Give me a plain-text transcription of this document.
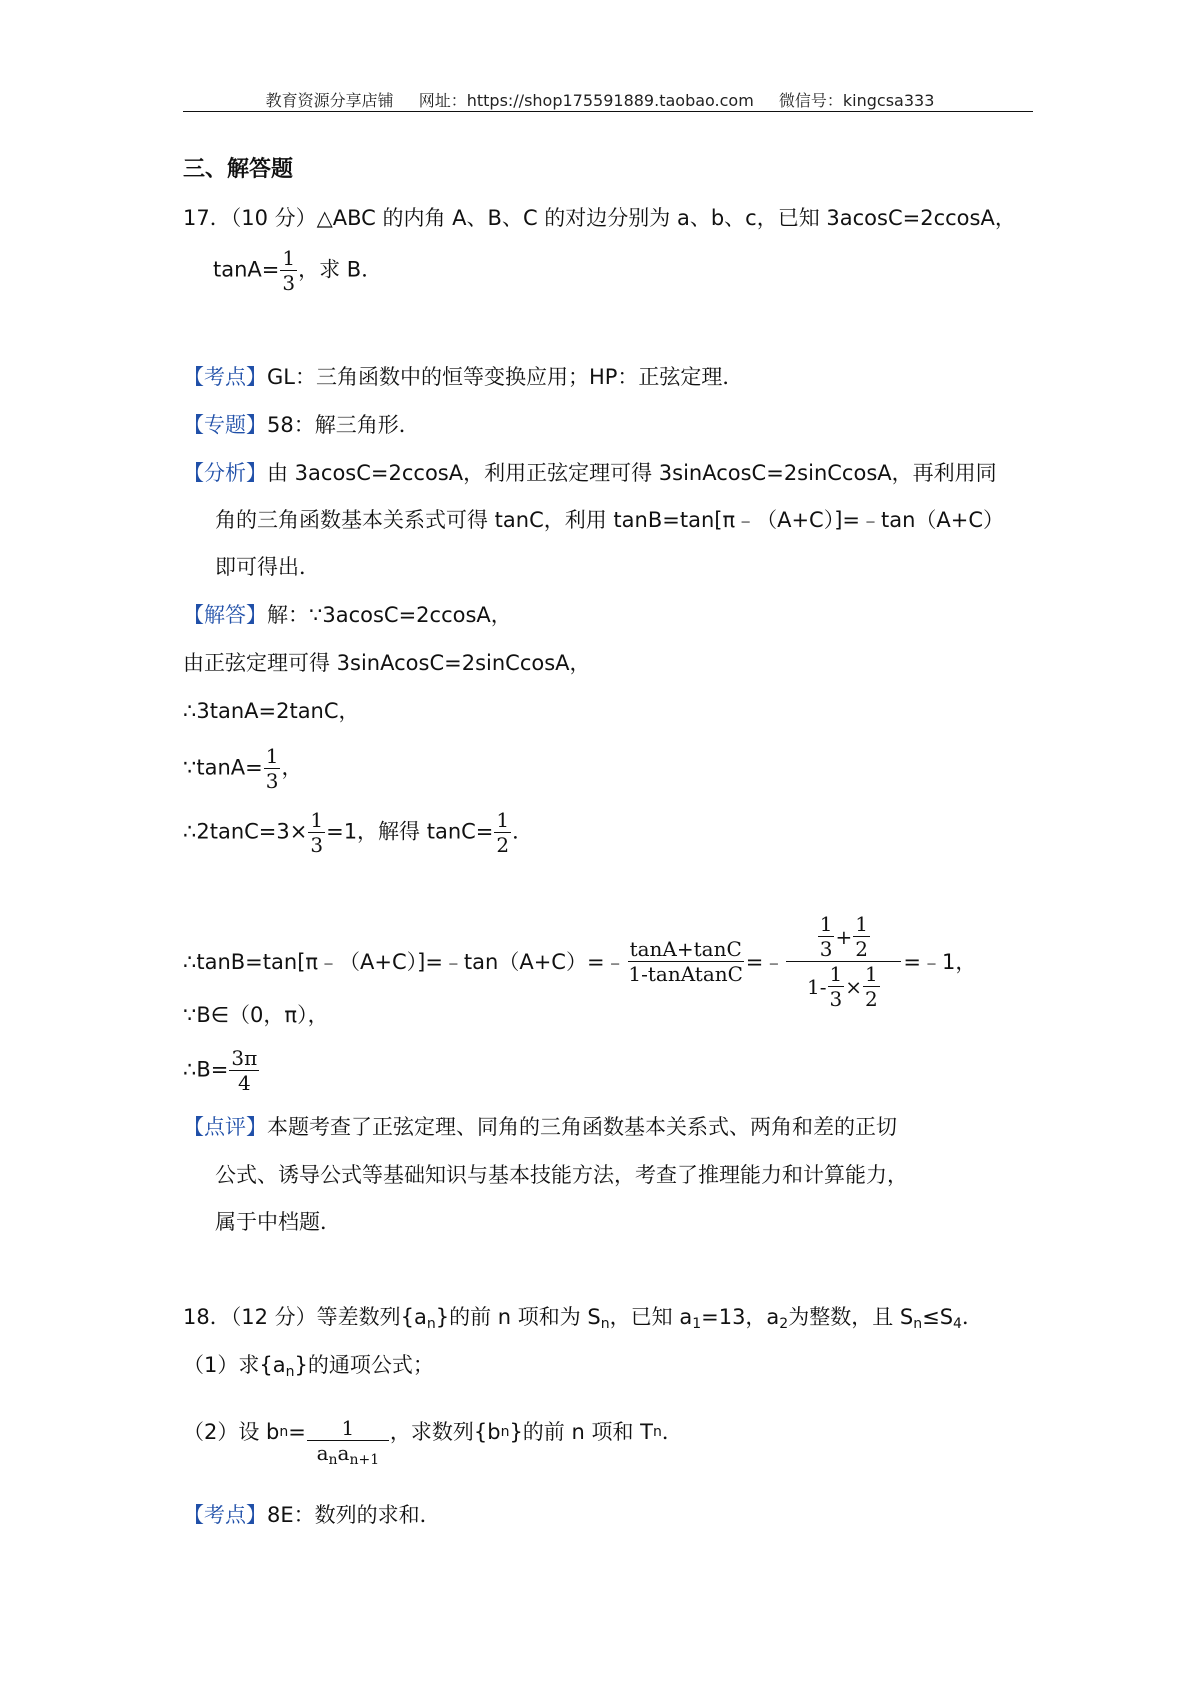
教育资源分享店铺 网址：https://shop175591889.taobao.com 微信号：kingcsa333
三、解答题
17．（10 分）△ABC 的内角 A、B、C 的对边分别为 a、b、c，已知 3acosC=2ccosA，
$\tan A= \frac{1}{3}$ ，求 B．
【考点】GL：三角函数中的恒等变换应用；HP：正弦定理．
【专题】58：解三角形．
【分析】由 3acosC=2ccosA，利用正弦定理可得 3sinAcosC=2sinCcosA，再利用同
角的三角函数基本关系式可得 tanC，利用 tanB=tan[π﹣（A+C）]=﹣tan（A+C）
即可得出．
【解答】解：∵3acosC=2ccosA，
由正弦定理可得 3sinAcosC=2sinCcosA，
∴3tanA=2tanC，
∵tanA= $\frac{1}{3}$ ，
∴2tanC=3× $\frac{1}{3} =1$，解得 $\tan C= \frac{1}{2}$ ．
∴tanB=tan[π﹣（A+C）]=﹣tan（A+C）=﹣ $\frac{\tan A+\tan C}{\text{1-tanAtanC}}$ =﹣ $\frac{\frac{1}{3} + \frac{1}{2}}{1- \frac{1}{3} \times \frac{1}{2}}$ =﹣1，
∵B∈（0，π），
∴B= $\frac{3\pi}{4}$
【点评】本题考查了正弦定理、同角的三角函数基本关系式、两角和差的正切
公式、诱导公式等基础知识与基本技能方法，考查了推理能力和计算能力，
属于中档题．
18．（12 分）等差数列$\{a_n\}$的前 n 项和为 $S_n$，已知 $a_1=13$，$a_2$为整数，且 $S_n\le S_4$．
（1）求$\{a_n\}$的通项公式；
（2）设 b $n = \frac{1}{a_na_{n+1}}$ ，求数列{b n }的前 n 项和 T n ．
【考点】8E：数列的求和．
